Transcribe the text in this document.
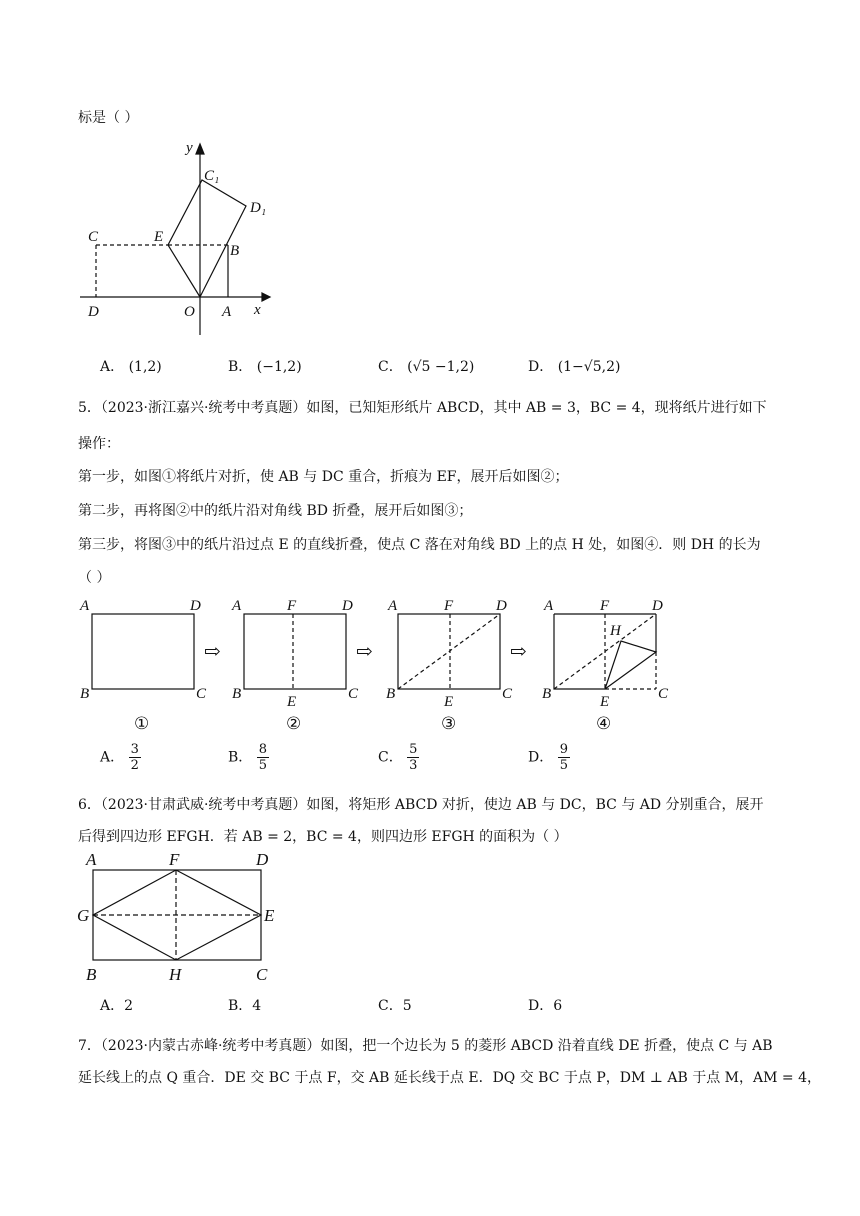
标是（ ）
y
x
C₁
D₁
C	E
B
D	O A
A． (1,2)	B． (−1,2)	C． (√5 −1,2)	D． (1−√5,2)
5．（2023·浙江嘉兴·统考中考真题）如图，已知矩形纸片 ABCD，其中 AB = 3，BC = 4，现将纸片进行如下
操作：
第一步，如图①将纸片对折，使 AB 与 DC 重合，折痕为 EF，展开后如图②；
第二步，再将图②中的纸片沿对角线 BD 折叠，展开后如图③；
第三步，将图③中的纸片沿过点 E 的直线折叠，使点 C 落在对角线 BD 上的点 H 处，如图④．则 DH 的长为
（ ）
⇨	⇨	⇨
A	D
B	C
A	F	D
B	E	C
A	F	D
B	E	C
A	F	D
H
B	E	C
①	②	③	④
A． $\frac{3}{2}$	B． $\frac{8}{5}$	C． $\frac{5}{3}$	D． $\frac{9}{5}$
6．（2023·甘肃武威·统考中考真题）如图，将矩形 ABCD 对折，使边 AB 与 DC，BC 与 AD 分别重合，展开
后得到四边形 EFGH．若 AB = 2，BC = 4，则四边形 EFGH 的面积为（ ）
A	F	D
G	E
B	H	C
A．2	B．4	C．5	D．6
7．（2023·内蒙古赤峰·统考中考真题）如图，把一个边长为 5 的菱形 ABCD 沿着直线 DE 折叠，使点 C 与 AB
延长线上的点 Q 重合．DE 交 BC 于点 F，交 AB 延长线于点 E．DQ 交 BC 于点 P，DM ⊥ AB 于点 M，AM = 4，
